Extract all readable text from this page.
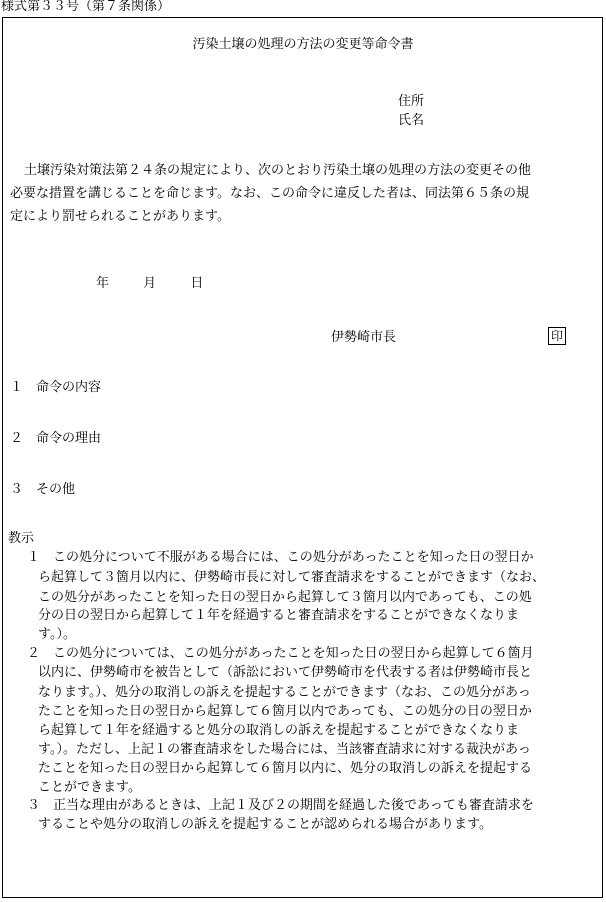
様式第３３号（第７条関係）
汚染土壌の処理の方法の変更等命令書
住所
氏名
土壌汚染対策法第２４条の規定により、次のとおり汚染土壌の処理の方法の変更その他
必要な措置を講じることを命じます。なお、この命令に違反した者は、同法第６５条の規
定により罰せられることがあります。
年	月	日
伊勢崎市長	印
１　命令の内容
２　命令の理由
３　その他
教示
１　この処分について不服がある場合には、この処分があったことを知った日の翌日か
ら起算して３箇月以内に、伊勢崎市長に対して審査請求をすることができます（なお、
この処分があったことを知った日の翌日から起算して３箇月以内であっても、この処
分の日の翌日から起算して１年を経過すると審査請求をすることができなくなりま
す。）。
２　この処分については、この処分があったことを知った日の翌日から起算して６箇月
以内に、伊勢崎市を被告として（訴訟において伊勢崎市を代表する者は伊勢崎市長と
なります。）、処分の取消しの訴えを提起することができます（なお、この処分があっ
たことを知った日の翌日から起算して６箇月以内であっても、この処分の日の翌日か
ら起算して１年を経過すると処分の取消しの訴えを提起することができなくなりま
す。）。ただし、上記１の審査請求をした場合には、当該審査請求に対する裁決があっ
たことを知った日の翌日から起算して６箇月以内に、処分の取消しの訴えを提起する
ことができます。
３　正当な理由があるときは、上記１及び２の期間を経過した後であっても審査請求を
することや処分の取消しの訴えを提起することが認められる場合があります。
